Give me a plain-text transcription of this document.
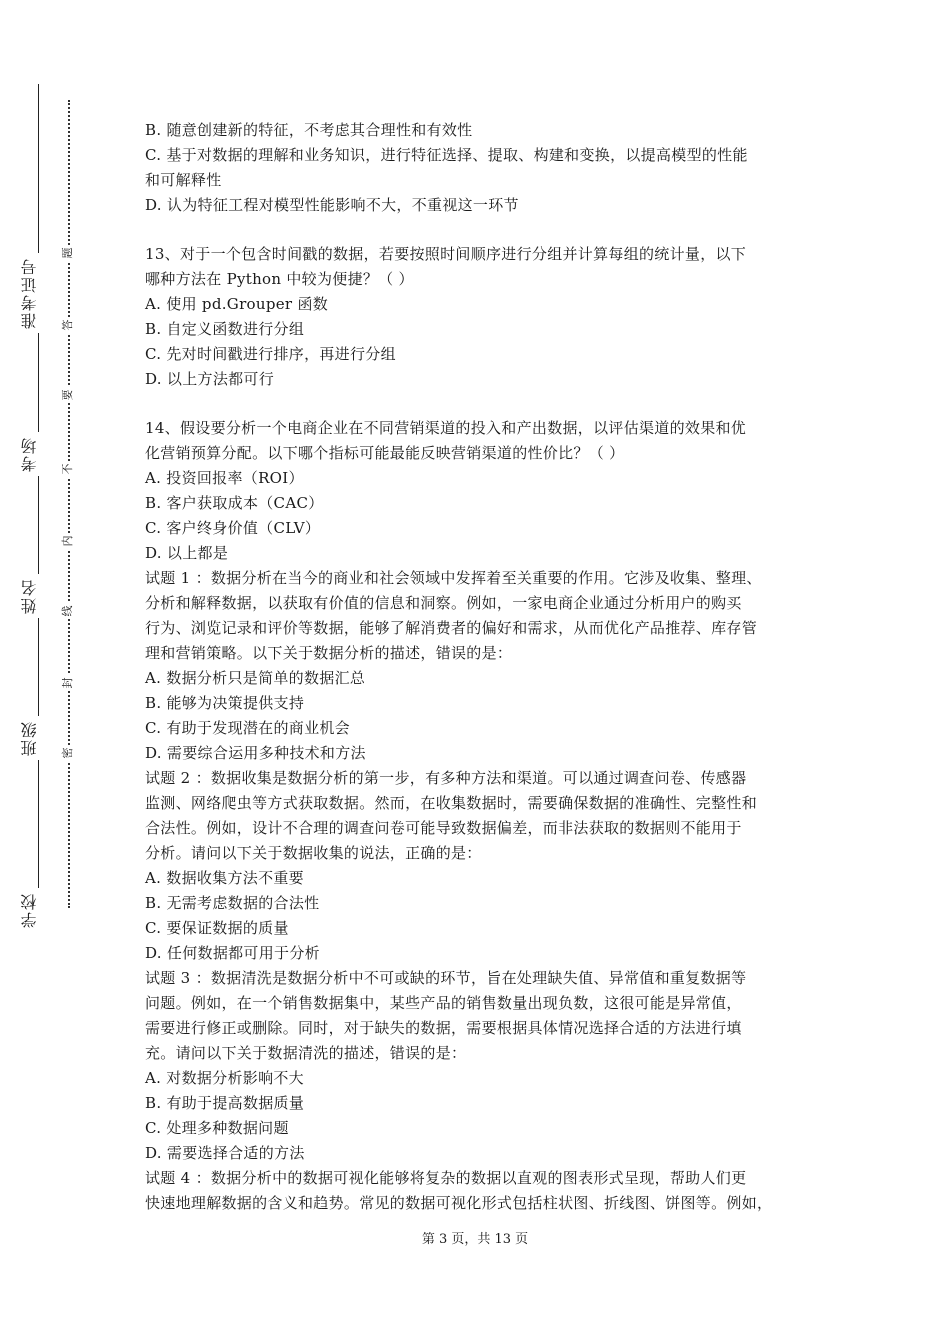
准考证号
考场
姓名
班级
学校
题
答
要
不
内
线
封
密

B. 随意创建新的特征，不考虑其合理性和有效性

C. 基于对数据的理解和业务知识，进行特征选择、提取、构建和变换，以提高模型的性能

和可解释性

D. 认为特征工程对模型性能影响不大，不重视这一环节

13、对于一个包含时间戳的数据，若要按照时间顺序进行分组并计算每组的统计量，以下

哪种方法在 Python 中较为便捷？（ ）

A. 使用 pd.Grouper 函数

B. 自定义函数进行分组

C. 先对时间戳进行排序，再进行分组

D. 以上方法都可行

14、假设要分析一个电商企业在不同营销渠道的投入和产出数据，以评估渠道的效果和优

化营销预算分配。以下哪个指标可能最能反映营销渠道的性价比？（ ）

A. 投资回报率（ROI）

B. 客户获取成本（CAC）

C. 客户终身价值（CLV）

D. 以上都是

试题 1 ：数据分析在当今的商业和社会领域中发挥着至关重要的作用。它涉及收集、整理、

分析和解释数据，以获取有价值的信息和洞察。例如，一家电商企业通过分析用户的购买

行为、浏览记录和评价等数据，能够了解消费者的偏好和需求，从而优化产品推荐、库存管

理和营销策略。以下关于数据分析的描述，错误的是：

A. 数据分析只是简单的数据汇总

B. 能够为决策提供支持

C. 有助于发现潜在的商业机会

D. 需要综合运用多种技术和方法

试题 2 ：数据收集是数据分析的第一步，有多种方法和渠道。可以通过调查问卷、传感器

监测、网络爬虫等方式获取数据。然而，在收集数据时，需要确保数据的准确性、完整性和

合法性。例如，设计不合理的调查问卷可能导致数据偏差，而非法获取的数据则不能用于

分析。请问以下关于数据收集的说法，正确的是：

A. 数据收集方法不重要

B. 无需考虑数据的合法性

C. 要保证数据的质量

D. 任何数据都可用于分析

试题 3 ：数据清洗是数据分析中不可或缺的环节，旨在处理缺失值、异常值和重复数据等

问题。例如，在一个销售数据集中，某些产品的销售数量出现负数，这很可能是异常值，

需要进行修正或删除。同时，对于缺失的数据，需要根据具体情况选择合适的方法进行填

充。请问以下关于数据清洗的描述，错误的是：

A. 对数据分析影响不大

B. 有助于提高数据质量

C. 处理多种数据问题

D. 需要选择合适的方法

试题 4 ：数据分析中的数据可视化能够将复杂的数据以直观的图表形式呈现，帮助人们更

快速地理解数据的含义和趋势。常见的数据可视化形式包括柱状图、折线图、饼图等。例如，

第 3 页，共 13 页
